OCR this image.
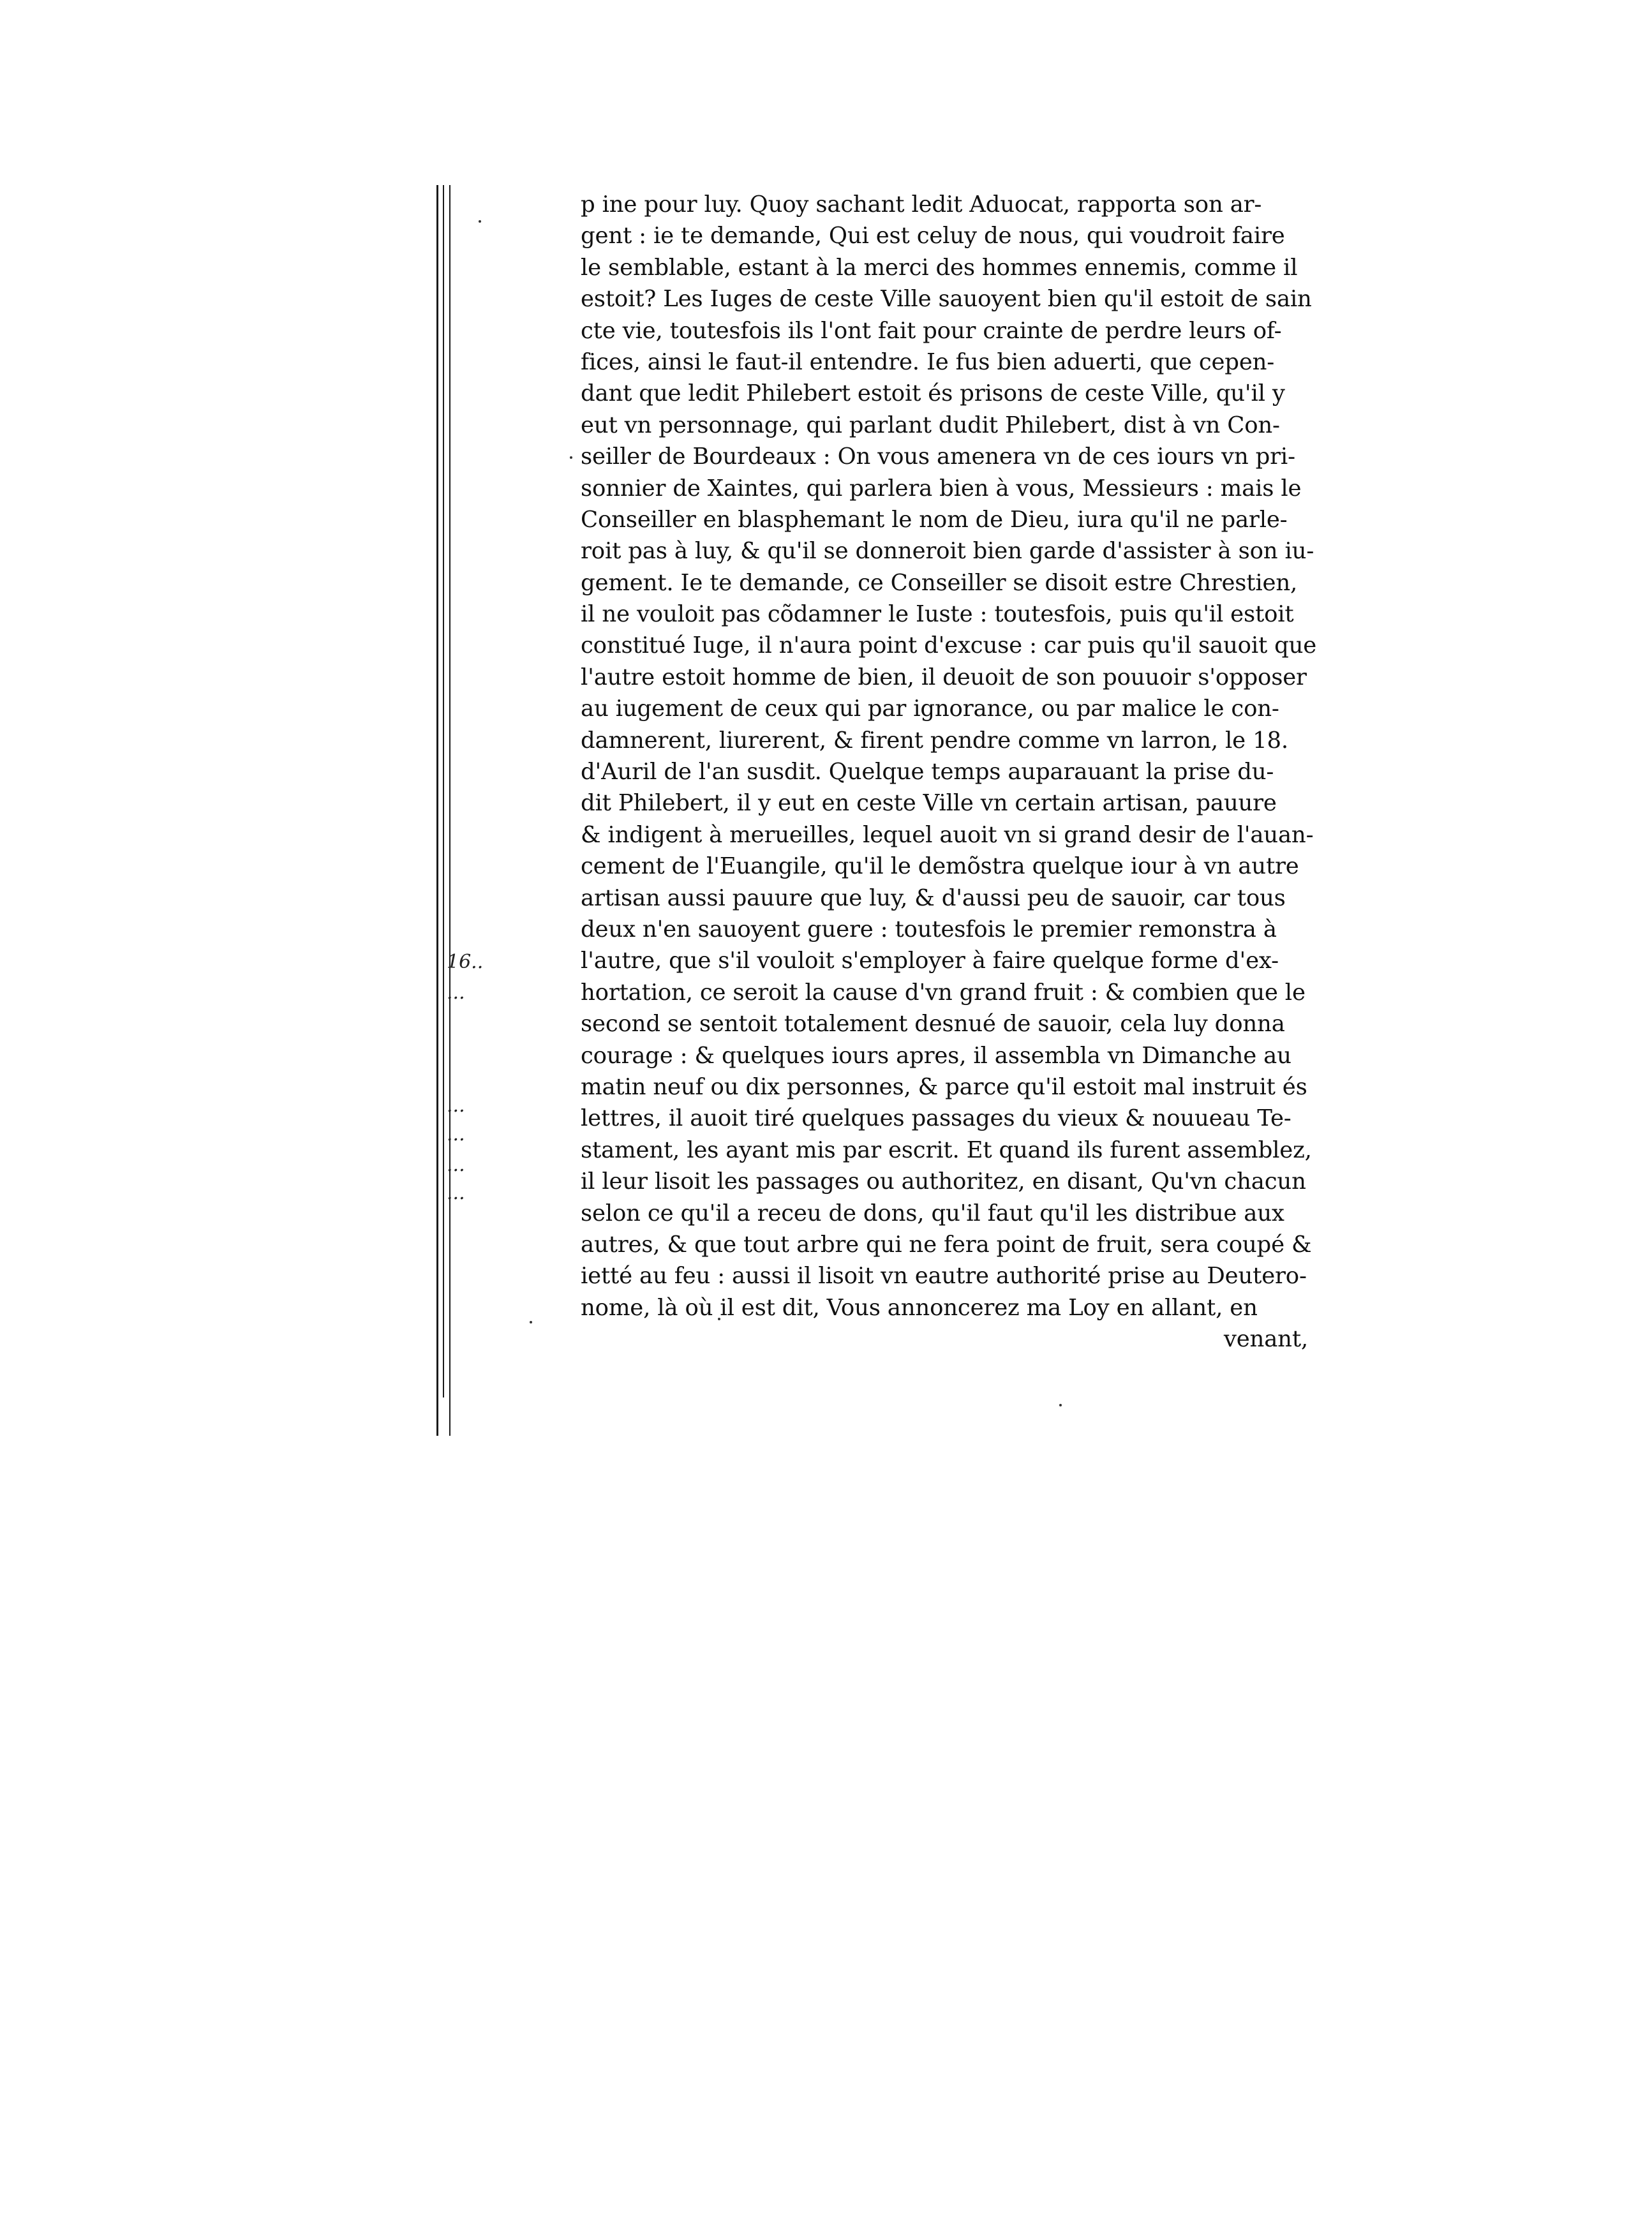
p ine pour luy. Quoy sachant ledit Aduocat, rapporta son ar-
gent : ie te demande, Qui est celuy de nous, qui voudroit faire
le semblable, estant à la merci des hommes ennemis, comme il
estoit? Les Iuges de ceste Ville sauoyent bien qu'il estoit de sain
cte vie, toutesfois ils l'ont fait pour crainte de perdre leurs of-
fices, ainsi le faut-il entendre. Ie fus bien aduerti, que cepen-
dant que ledit Philebert estoit és prisons de ceste Ville, qu'il y
eut vn personnage, qui parlant dudit Philebert, dist à vn Con-
seiller de Bourdeaux : On vous amenera vn de ces iours vn pri-
sonnier de Xaintes, qui parlera bien à vous, Messieurs : mais le
Conseiller en blasphemant le nom de Dieu, iura qu'il ne parle-
roit pas à luy, & qu'il se donneroit bien garde d'assister à son iu-
gement. Ie te demande, ce Conseiller se disoit estre Chrestien,
il ne vouloit pas cõdamner le Iuste : toutesfois, puis qu'il estoit
constitué Iuge, il n'aura point d'excuse : car puis qu'il sauoit que
l'autre estoit homme de bien, il deuoit de son pouuoir s'opposer
au iugement de ceux qui par ignorance, ou par malice le con-
damnerent, liurerent, & firent pendre comme vn larron, le 18.
d'Auril de l'an susdit. Quelque temps auparauant la prise du-
dit Philebert, il y eut en ceste Ville vn certain artisan, pauure
& indigent à merueilles, lequel auoit vn si grand desir de l'auan-
cement de l'Euangile, qu'il le demõstra quelque iour à vn autre
artisan aussi pauure que luy, & d'aussi peu de sauoir, car tous
deux n'en sauoyent guere : toutesfois le premier remonstra à
l'autre, que s'il vouloit s'employer à faire quelque forme d'ex-
hortation, ce seroit la cause d'vn grand fruit : & combien que le
second se sentoit totalement desnué de sauoir, cela luy donna
courage : & quelques iours apres, il assembla vn Dimanche au
matin neuf ou dix personnes, & parce qu'il estoit mal instruit és
lettres, il auoit tiré quelques passages du vieux & nouueau Te-
stament, les ayant mis par escrit. Et quand ils furent assemblez,
il leur lisoit les passages ou authoritez, en disant, Qu'vn chacun
selon ce qu'il a receu de dons, qu'il faut qu'il les distribue aux
autres, & que tout arbre qui ne fera point de fruit, sera coupé &
ietté au feu : aussi il lisoit vn eautre authorité prise au Deutero-
nome, là où il est dit, Vous annoncerez ma Loy en allant, en
venant,
16..
...
...
...
...
...
